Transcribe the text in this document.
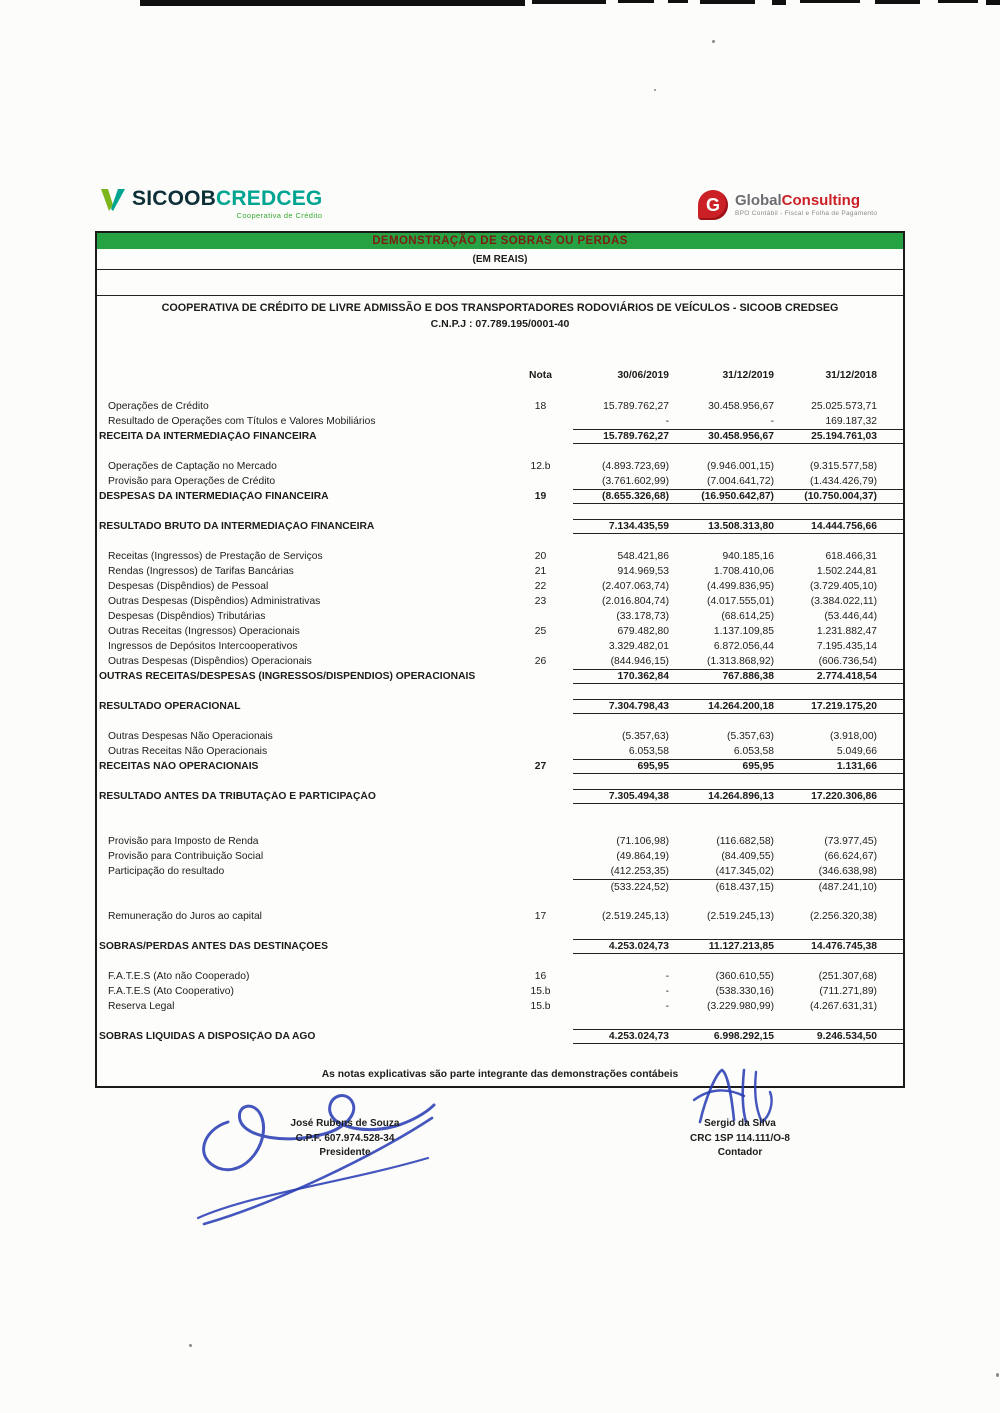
SICOOBCREDCEG
Cooperativa de Crédito
G	GlobalConsulting
BPO Contábil - Fiscal e Folha de Pagamento
DEMONSTRAÇÃO DE SOBRAS OU PERDAS
(EM REAIS)
COOPERATIVA DE CRÉDITO DE LIVRE ADMISSÃO E DOS TRANSPORTADORES RODOVIÁRIOS DE VEÍCULOS - SICOOB CREDSEG
C.N.P.J : 07.789.195/0001-40
Nota	30/06/2019	31/12/2019	31/12/2018
Operações de Crédito	18	15.789.762,27	30.458.956,67	25.025.573,71
Resultado de Operações com Títulos e Valores Mobiliários	-	-	169.187,32
RECEITA DA INTERMEDIAÇÃO FINANCEIRA	15.789.762,27	30.458.956,67	25.194.761,03
Operações de Captação no Mercado	12.b	(4.893.723,69)	(9.946.001,15)	(9.315.577,58)
Provisão para Operações de Crédito	(3.761.602,99)	(7.004.641,72)	(1.434.426,79)
DESPESAS DA INTERMEDIAÇÃO FINANCEIRA	19	(8.655.326,68)	(16.950.642,87)	(10.750.004,37)
RESULTADO BRUTO DA INTERMEDIAÇÃO FINANCEIRA	7.134.435,59	13.508.313,80	14.444.756,66
Receitas (Ingressos) de Prestação de Serviços	20	548.421,86	940.185,16	618.466,31
Rendas (Ingressos) de Tarifas Bancárias	21	914.969,53	1.708.410,06	1.502.244,81
Despesas (Dispêndios) de Pessoal	22	(2.407.063,74)	(4.499.836,95)	(3.729.405,10)
Outras Despesas (Dispêndios) Administrativas	23	(2.016.804,74)	(4.017.555,01)	(3.384.022,11)
Despesas (Dispêndios) Tributárias	(33.178,73)	(68.614,25)	(53.446,44)
Outras Receitas (Ingressos) Operacionais	25	679.482,80	1.137.109,85	1.231.882,47
Ingressos de Depósitos Intercooperativos	3.329.482,01	6.872.056,44	7.195.435,14
Outras Despesas (Dispêndios) Operacionais	26	(844.946,15)	(1.313.868,92)	(606.736,54)
OUTRAS RECEITAS/DESPESAS (INGRESSOS/DISPÊNDIOS) OPERACIONAIS	170.362,84	767.886,38	2.774.418,54
RESULTADO OPERACIONAL	7.304.798,43	14.264.200,18	17.219.175,20
Outras Despesas Não Operacionais	(5.357,63)	(5.357,63)	(3.918,00)
Outras Receitas Não Operacionais	6.053,58	6.053,58	5.049,66
RECEITAS NÃO OPERACIONAIS	27	695,95	695,95	1.131,66
RESULTADO ANTES DA TRIBUTAÇÃO E PARTICIPAÇÃO	7.305.494,38	14.264.896,13	17.220.306,86
Provisão para Imposto de Renda	(71.106,98)	(116.682,58)	(73.977,45)
Provisão para Contribuição Social	(49.864,19)	(84.409,55)	(66.624,67)
Participação do resultado	(412.253,35)	(417.345,02)	(346.638,98)
(533.224,52)	(618.437,15)	(487.241,10)
Remuneração do Juros ao capital	17	(2.519.245,13)	(2.519.245,13)	(2.256.320,38)
SOBRAS/PERDAS ANTES DAS DESTINAÇÕES	4.253.024,73	11.127.213,85	14.476.745,38
F.A.T.E.S (Ato não Cooperado)	16	-	(360.610,55)	(251.307,68)
F.A.T.E.S (Ato Cooperativo)	15.b	-	(538.330,16)	(711.271,89)
Reserva Legal	15.b	-	(3.229.980,99)	(4.267.631,31)
SOBRAS LÍQUIDAS A DISPOSIÇÃO DA AGO	4.253.024,73	6.998.292,15	9.246.534,50
As notas explicativas são parte integrante das demonstrações contábeis
José Rubens de Souza
C.P.F. 607.974.528-34
Presidente
Sergio da Silva
CRC 1SP 114.111/O-8
Contador
